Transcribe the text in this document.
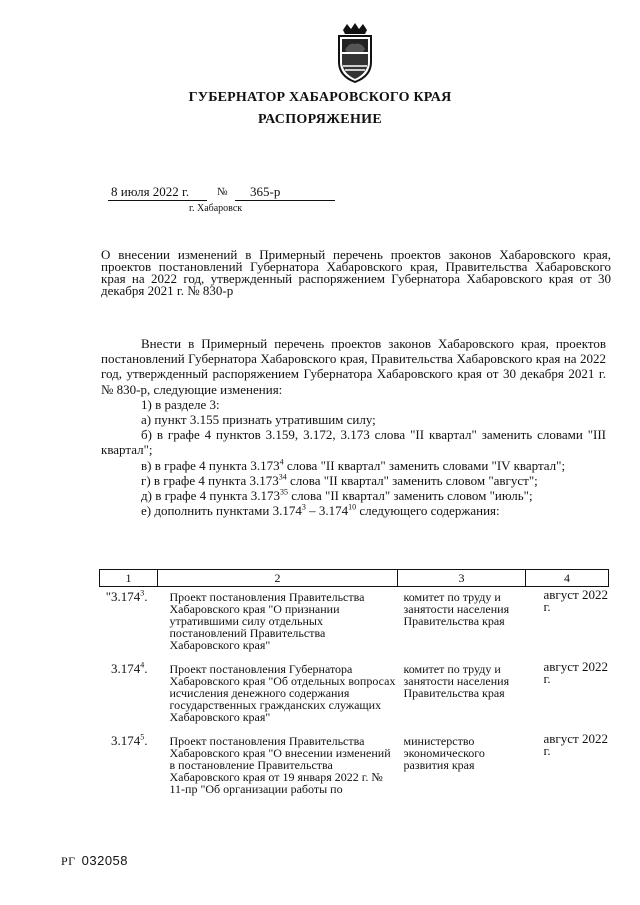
ГУБЕРНАТОР ХАБАРОВСКОГО КРАЯ
РАСПОРЯЖЕНИЕ
8 июля 2022 г.	№ 365-р
г. Хабаровск
О внесении изменений в Примерный перечень проектов законов Хабаровского края, проектов постановлений Губернатора Хабаровского края, Правительства Хабаровского края на 2022 год, утвержденный распоряжением Губернатора Хабаровского края от 30 декабря 2021 г. № 830-р

Внести в Примерный перечень проектов законов Хабаровского края, проектов постановлений Губернатора Хабаровского края, Правительства Хабаровского края на 2022 год, утвержденный распоряжением Губернатора Хабаровского края от 30 декабря 2021 г. № 830-р, следующие изменения:

1) в разделе 3:

а) пункт 3.155 признать утратившим силу;

б) в графе 4 пунктов 3.159, 3.172, 3.173 слова "II квартал" заменить словами "III квартал";

в) в графе 4 пункта 3.173$^4$ слова "II квартал" заменить словами "IV квартал";

г) в графе 4 пункта 3.173$^{34}$ слова "II квартал" заменить словом "август";

д) в графе 4 пункта 3.173$^{35}$ слова "II квартал" заменить словом "июль";

е) дополнить пунктами 3.174$^3$ – 3.174$^{10}$ следующего содержания:

1	2	3	4
"3.174$^3$.	Проект постановления Правительства Хабаровского края "О признании утратившими силу отдельных постановлений Правительства Хабаровского края"	комитет по труду и занятости населения Правительства края	август 2022 г.
3.174$^4$.	Проект постановления Губернатора Хабаровского края "Об отдельных вопросах исчисления денежного содержания государственных гражданских служащих Хабаровского края"	комитет по труду и занятости населения Правительства края	август 2022 г.
3.174$^5$.	Проект постановления Правительства Хабаровского края "О внесении изменений в постановление Правительства Хабаровского края от 19 января 2022 г. № 11-пр "Об организации работы по	министерство экономического развития края	август 2022 г.
РГ 032058
